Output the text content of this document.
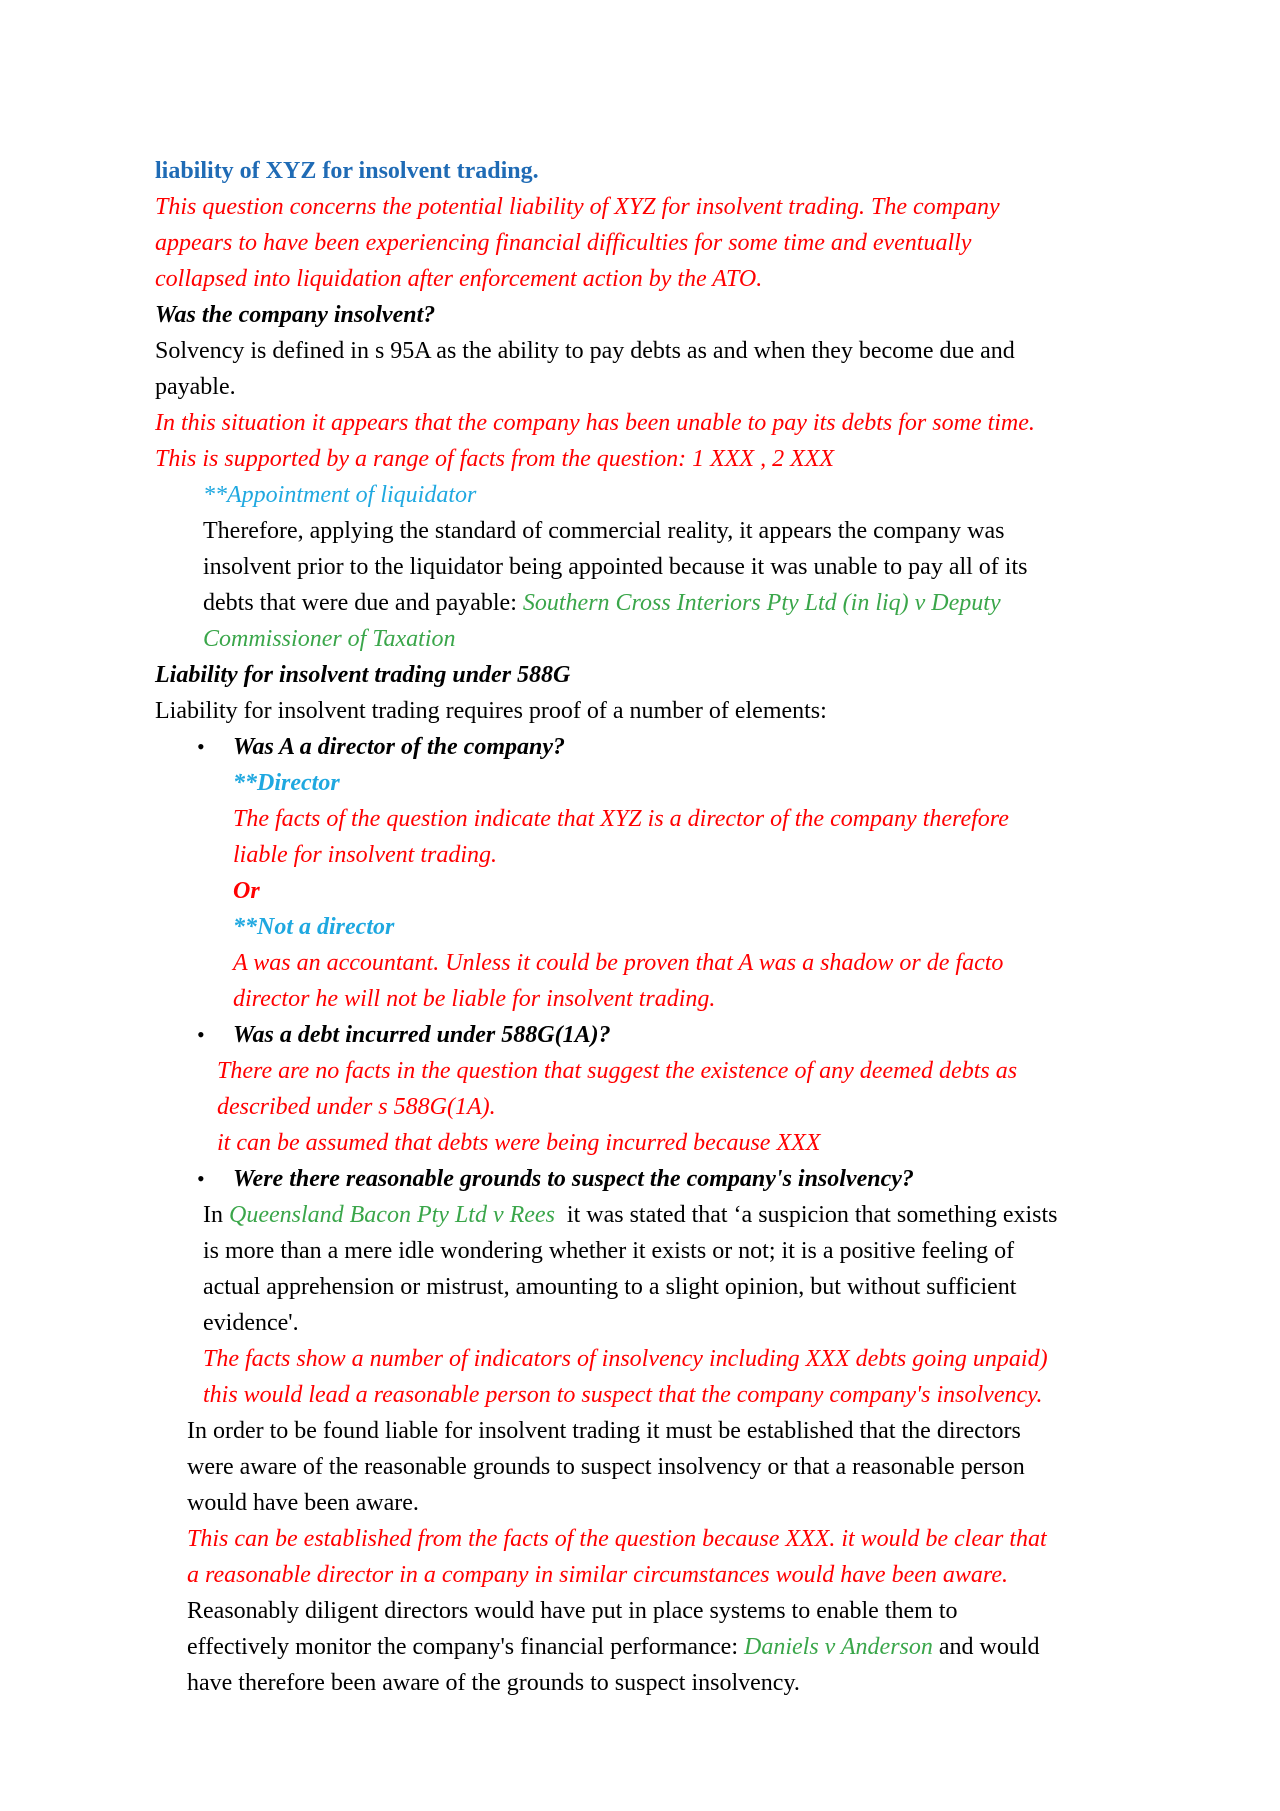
liability of XYZ for insolvent trading.
This question concerns the potential liability of XYZ for insolvent trading. The company
appears to have been experiencing financial difficulties for some time and eventually
collapsed into liquidation after enforcement action by the ATO.
Was the company insolvent?
Solvency is defined in s 95A as the ability to pay debts as and when they become due and
payable.
In this situation it appears that the company has been unable to pay its debts for some time.
This is supported by a range of facts from the question: 1 XXX , 2 XXX
**Appointment of liquidator
Therefore, applying the standard of commercial reality, it appears the company was
insolvent prior to the liquidator being appointed because it was unable to pay all of its
debts that were due and payable: Southern Cross Interiors Pty Ltd (in liq) v Deputy
Commissioner of Taxation
Liability for insolvent trading under 588G
Liability for insolvent trading requires proof of a number of elements:
• Was A a director of the company?
**Director
The facts of the question indicate that XYZ is a director of the company therefore
liable for insolvent trading.
Or
**Not a director
A was an accountant. Unless it could be proven that A was a shadow or de facto
director he will not be liable for insolvent trading.
• Was a debt incurred under 588G(1A)?
There are no facts in the question that suggest the existence of any deemed debts as
described under s 588G(1A).
it can be assumed that debts were being incurred because XXX
• Were there reasonable grounds to suspect the company's insolvency?
In Queensland Bacon Pty Ltd v Rees  it was stated that ‘a suspicion that something exists
is more than a mere idle wondering whether it exists or not; it is a positive feeling of
actual apprehension or mistrust, amounting to a slight opinion, but without sufficient
evidence'.
The facts show a number of indicators of insolvency including XXX debts going unpaid)
this would lead a reasonable person to suspect that the company company's insolvency.
In order to be found liable for insolvent trading it must be established that the directors
were aware of the reasonable grounds to suspect insolvency or that a reasonable person
would have been aware.
This can be established from the facts of the question because XXX. it would be clear that
a reasonable director in a company in similar circumstances would have been aware.
Reasonably diligent directors would have put in place systems to enable them to
effectively monitor the company's financial performance: Daniels v Anderson and would
have therefore been aware of the grounds to suspect insolvency.
